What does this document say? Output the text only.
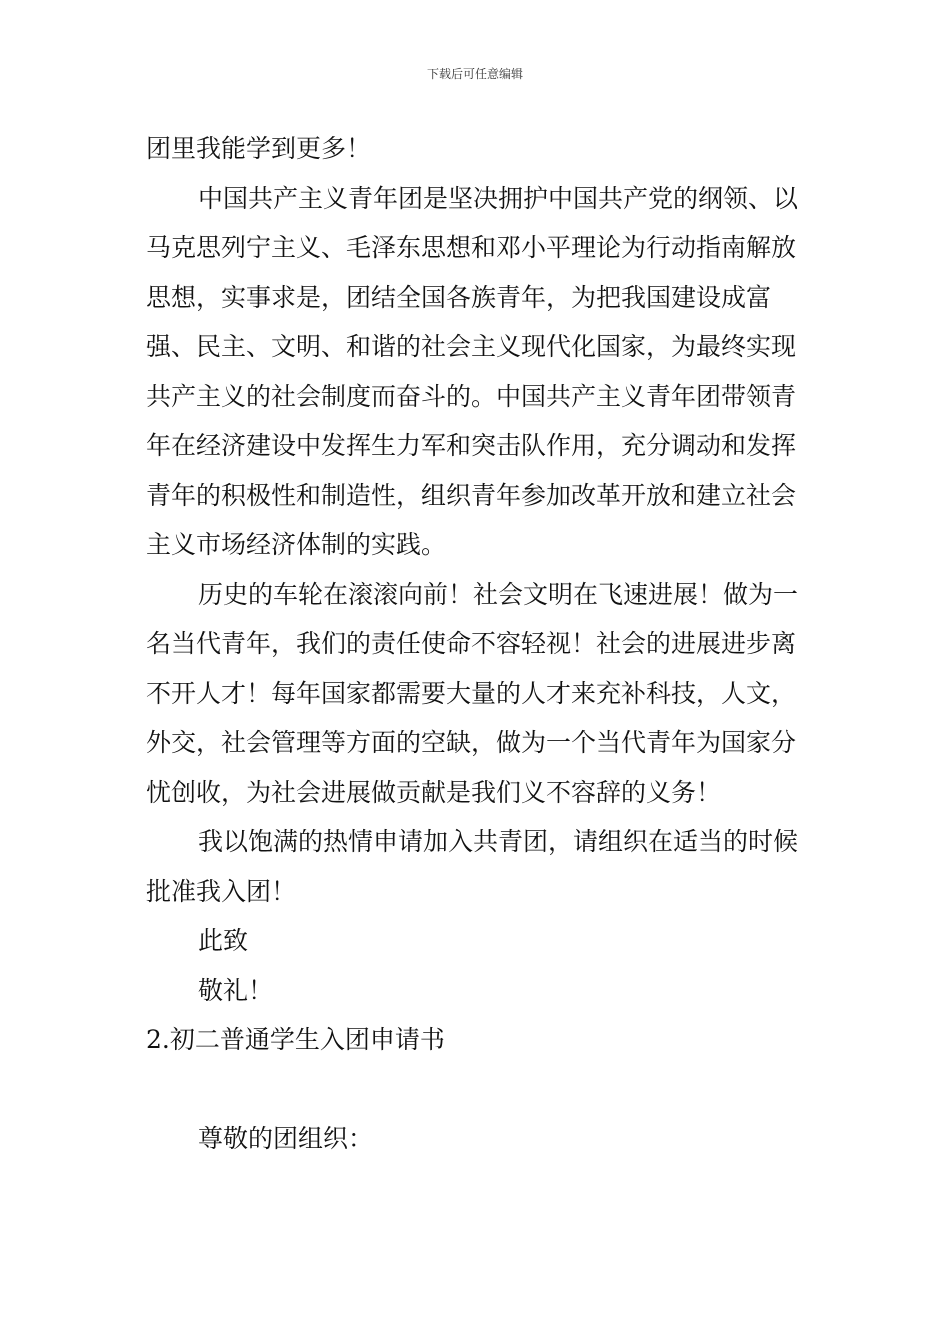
下载后可任意编辑

团里我能学到更多！

中国共产主义青年团是坚决拥护中国共产党的纲领、以马克思列宁主义、毛泽东思想和邓小平理论为行动指南解放思想，实事求是，团结全国各族青年，为把我国建设成富强、民主、文明、和谐的社会主义现代化国家，为最终实现共产主义的社会制度而奋斗的。中国共产主义青年团带领青年在经济建设中发挥生力军和突击队作用，充分调动和发挥青年的积极性和制造性，组织青年参加改革开放和建立社会主义市场经济体制的实践。

历史的车轮在滚滚向前！社会文明在飞速进展！做为一名当代青年，我们的责任使命不容轻视！社会的进展进步离不开人才！每年国家都需要大量的人才来充补科技，人文，外交，社会管理等方面的空缺，做为一个当代青年为国家分忧创收，为社会进展做贡献是我们义不容辞的义务！

我以饱满的热情申请加入共青团，请组织在适当的时候批准我入团！

此致

敬礼！

2.初二普通学生入团申请书

尊敬的团组织：
